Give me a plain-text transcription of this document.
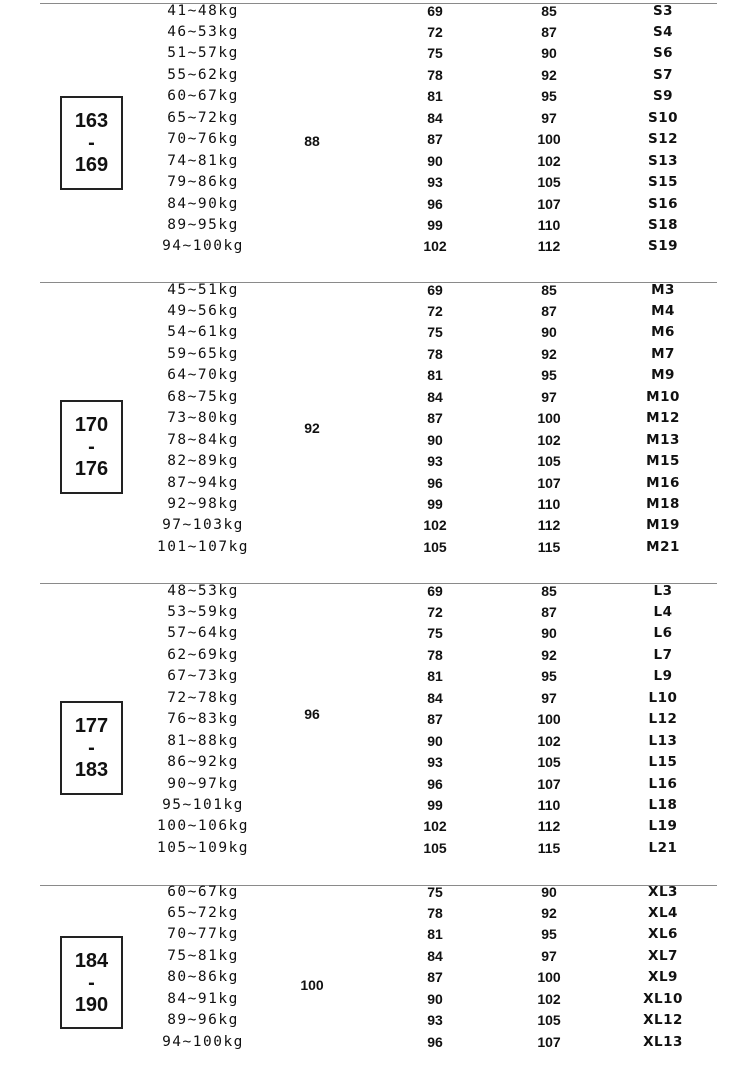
163
-
169
88
41~48kg	69	85	S3
46~53kg	72	87	S4
51~57kg	75	90	S6
55~62kg	78	92	S7
60~67kg	81	95	S9
65~72kg	84	97	S10
70~76kg	87	100	S12
74~81kg	90	102	S13
79~86kg	93	105	S15
84~90kg	96	107	S16
89~95kg	99	110	S18
94~100kg	102	112	S19
170
-
176
92
45~51kg	69	85	M3
49~56kg	72	87	M4
54~61kg	75	90	M6
59~65kg	78	92	M7
64~70kg	81	95	M9
68~75kg	84	97	M10
73~80kg	87	100	M12
78~84kg	90	102	M13
82~89kg	93	105	M15
87~94kg	96	107	M16
92~98kg	99	110	M18
97~103kg	102	112	M19
101~107kg	105	115	M21
177
-
183
96
48~53kg	69	85	L3
53~59kg	72	87	L4
57~64kg	75	90	L6
62~69kg	78	92	L7
67~73kg	81	95	L9
72~78kg	84	97	L10
76~83kg	87	100	L12
81~88kg	90	102	L13
86~92kg	93	105	L15
90~97kg	96	107	L16
95~101kg	99	110	L18
100~106kg	102	112	L19
105~109kg	105	115	L21
184
-
190
100
60~67kg	75	90	XL3
65~72kg	78	92	XL4
70~77kg	81	95	XL6
75~81kg	84	97	XL7
80~86kg	87	100	XL9
84~91kg	90	102	XL10
89~96kg	93	105	XL12
94~100kg	96	107	XL13
